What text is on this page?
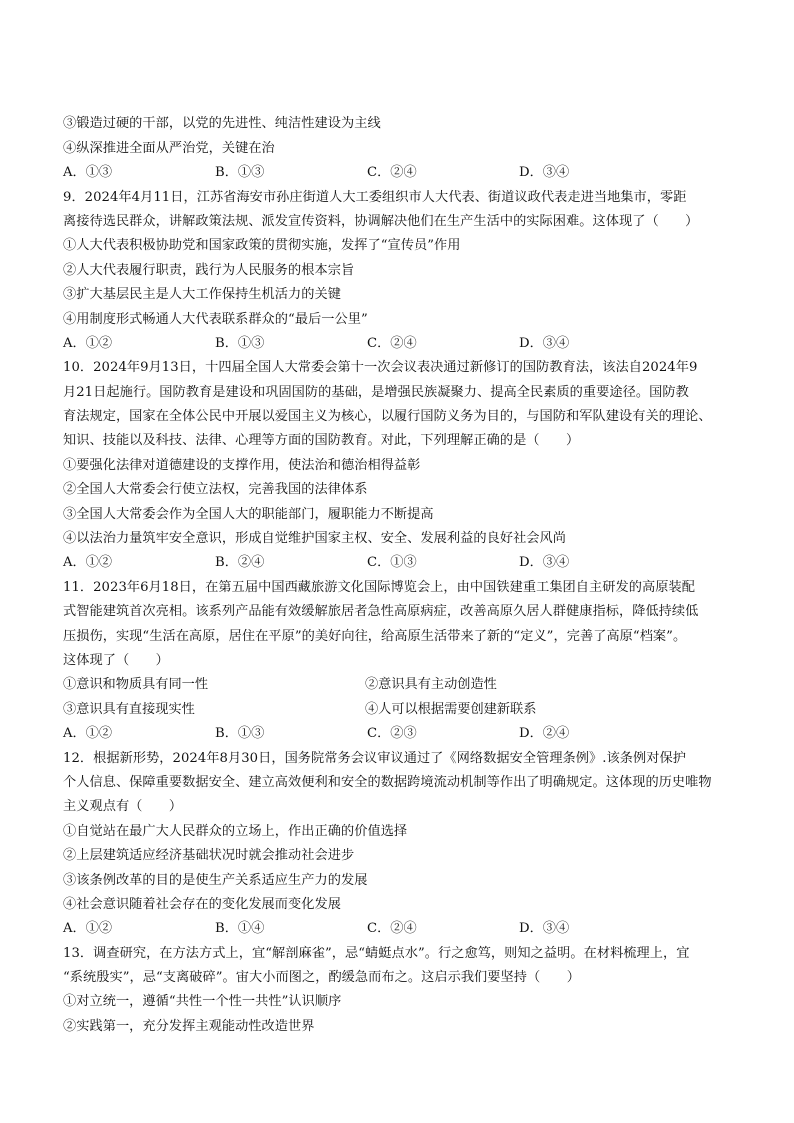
③锻造过硬的干部，以党的先进性、纯洁性建设为主线
④纵深推进全面从严治党，关键在治
A．①③	B．①③	C．②④	D．③④
9．2024年4月11日，江苏省海安市孙庄街道人大工委组织市人大代表、街道议政代表走进当地集市，零距
离接待选民群众，讲解政策法规、派发宣传资料，协调解决他们在生产生活中的实际困难。这体现了（　　）
①人大代表积极协助党和国家政策的贯彻实施，发挥了“宣传员”作用
②人大代表履行职责，践行为人民服务的根本宗旨
③扩大基层民主是人大工作保持生机活力的关键
④用制度形式畅通人大代表联系群众的“最后一公里”
A．①②	B．①③	C．②④	D．③④
10．2024年9月13日，十四届全国人大常委会第十一次会议表决通过新修订的国防教育法，该法自2024年9
月21日起施行。国防教育是建设和巩固国防的基础，是增强民族凝聚力、提高全民素质的重要途径。国防教
育法规定，国家在全体公民中开展以爱国主义为核心，以履行国防义务为目的，与国防和军队建设有关的理论、
知识、技能以及科技、法律、心理等方面的国防教育。对此，下列理解正确的是（　　）
①要强化法律对道德建设的支撑作用，使法治和德治相得益彰
②全国人大常委会行使立法权，完善我国的法律体系
③全国人大常委会作为全国人大的职能部门，履职能力不断提高
④以法治力量筑牢安全意识，形成自觉维护国家主权、安全、发展利益的良好社会风尚
A．①②	B．②④	C．①③	D．③④
11．2023年6月18日，在第五届中国西藏旅游文化国际博览会上，由中国铁建重工集团自主研发的高原装配
式智能建筑首次亮相。该系列产品能有效缓解旅居者急性高原病症，改善高原久居人群健康指标，降低持续低
压损伤，实现“生活在高原，居住在平原”的美好向往，给高原生活带来了新的“定义”，完善了高原“档案”。
这体现了（　　）
①意识和物质具有同一性	②意识具有主动创造性
③意识具有直接现实性	④人可以根据需要创建新联系
A．①②	B．①③	C．②③	D．②④
12．根据新形势，2024年8月30日，国务院常务会议审议通过了《网络数据安全管理条例》.该条例对保护
个人信息、保障重要数据安全、建立高效便利和安全的数据跨境流动机制等作出了明确规定。这体现的历史唯物
主义观点有（　　）
①自觉站在最广大人民群众的立场上，作出正确的价值选择
②上层建筑适应经济基础状况时就会推动社会进步
③该条例改革的目的是使生产关系适应生产力的发展
④社会意识随着社会存在的变化发展而变化发展
A．①②	B．①④	C．②④	D．③④
13．调查研究，在方法方式上，宜“解剖麻雀”，忌“蜻蜓点水”。行之愈笃，则知之益明。在材料梳理上，宜
“系统殷实”，忌“支离破碎”。宙大小而图之，酌缓急而布之。这启示我们要坚持（　　）
①对立统一，遵循“共性一个性一共性”认识顺序
②实践第一，充分发挥主观能动性改造世界
